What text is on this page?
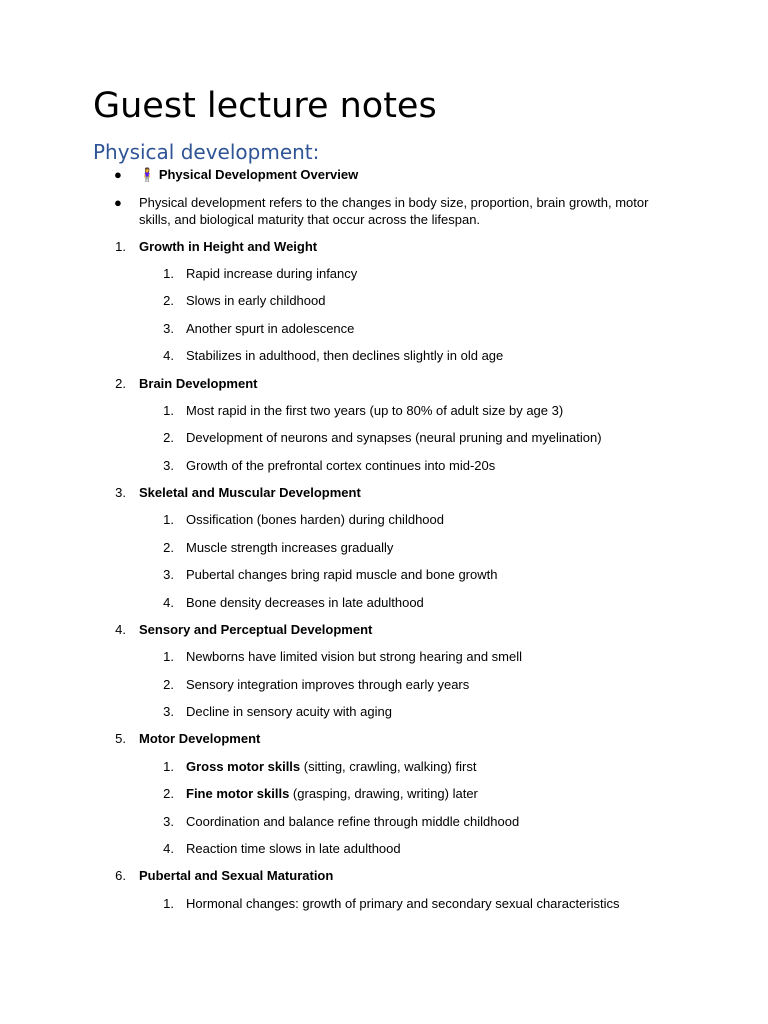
Guest lecture notes
Physical development:
● 🧍‍♀ Physical Development Overview
● Physical development refers to the changes in body size, proportion, brain growth, motor skills, and biological maturity that occur across the lifespan.
1. Growth in Height and Weight
1. Rapid increase during infancy
2. Slows in early childhood
3. Another spurt in adolescence
4. Stabilizes in adulthood, then declines slightly in old age
2. Brain Development
1. Most rapid in the first two years (up to 80% of adult size by age 3)
2. Development of neurons and synapses (neural pruning and myelination)
3. Growth of the prefrontal cortex continues into mid-20s
3. Skeletal and Muscular Development
1. Ossification (bones harden) during childhood
2. Muscle strength increases gradually
3. Pubertal changes bring rapid muscle and bone growth
4. Bone density decreases in late adulthood
4. Sensory and Perceptual Development
1. Newborns have limited vision but strong hearing and smell
2. Sensory integration improves through early years
3. Decline in sensory acuity with aging
5. Motor Development
1. Gross motor skills (sitting, crawling, walking) first
2. Fine motor skills (grasping, drawing, writing) later
3. Coordination and balance refine through middle childhood
4. Reaction time slows in late adulthood
6. Pubertal and Sexual Maturation
1. Hormonal changes: growth of primary and secondary sexual characteristics
